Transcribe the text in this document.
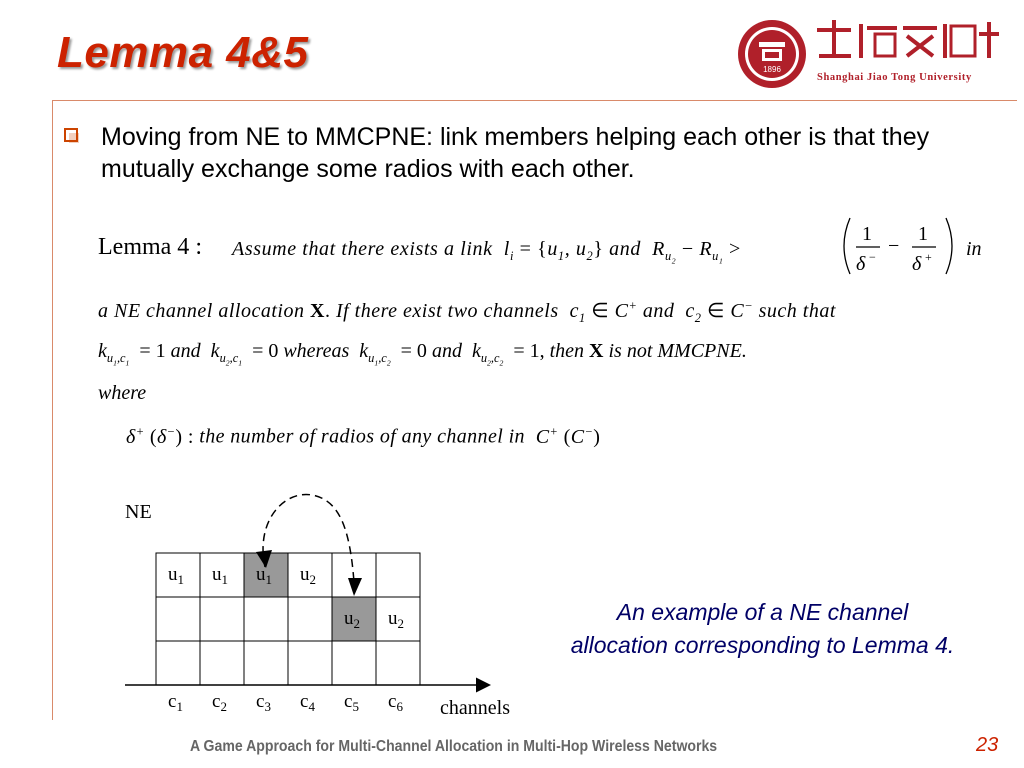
Lemma 4&5	1896
Shanghai Jiao Tong University

Moving from NE to MMCPNE: link members helping each other is that they mutually exchange some radios with each other.

Lemma 4 : Assume that there exists a link  $l_i = \{u_1$, $u_2$} and  $R_{u_2} - R_{u_1}$ >
1
δ − −
1
δ + in
a NE channel allocation X. If there exist two channels  $c_1$ ∈ C+ and  $c_2$ ∈ C− such that
$k_{u_1,c_1} = 1$ and  $k_{u_2,c_1} = 0$ whereas  $k_{u_1,c_2} = 0$ and  $k_{u_2,c_2} = 1$, then X is not MMCPNE.
where
δ+ (δ−) : the number of radios of any channel in  C+ (C−)
NE
$u_1$ $u_1$ $u_1$ $u_2$
$u_2$ $u_2$
$c_1$ $c_2$ $c_3$ $c_4$ $c_5$ $c_6$ channels
An example of a NE channel allocation corresponding to Lemma 4.
A Game Approach for Multi-Channel Allocation in Multi-Hop Wireless Networks	23
